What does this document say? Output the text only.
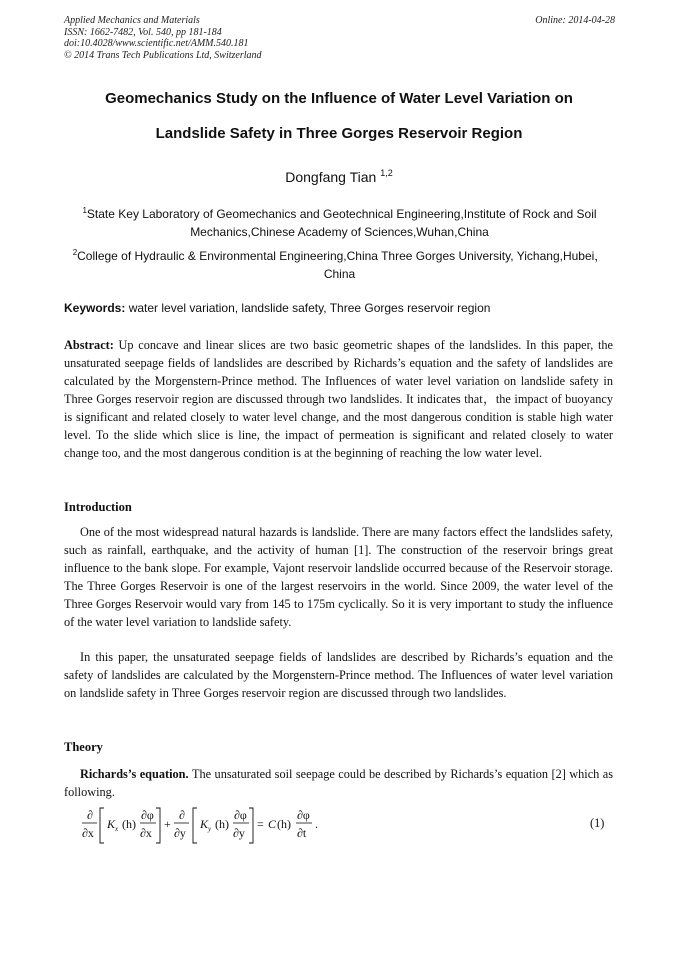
Applied Mechanics and Materials
ISSN: 1662-7482, Vol. 540, pp 181-184
doi:10.4028/www.scientific.net/AMM.540.181
© 2014 Trans Tech Publications Ltd, Switzerland
Online: 2014-04-28
Geomechanics Study on the Influence of Water Level Variation on
Landslide Safety in Three Gorges Reservoir Region
Dongfang Tian $^{1,2}$
$^1$State Key Laboratory of Geomechanics and Geotechnical Engineering,Institute of Rock and Soil Mechanics,Chinese Academy of Sciences,Wuhan,China
$^2$College of Hydraulic & Environmental Engineering,China Three Gorges University, Yichang,Hubei，China
Keywords: water level variation, landslide safety, Three Gorges reservoir region
Abstract: Up concave and linear slices are two basic geometric shapes of the landslides. In this paper, the unsaturated seepage fields of landslides are described by Richards’s equation and the safety of landslides are calculated by the Morgenstern-Prince method. The Influences of water level variation on landslide safety in Three Gorges reservoir region are discussed through two landslides. It indicates that，the impact of buoyancy is significant and related closely to water level change, and the most dangerous condition is stable high water level. To the slide which slice is line, the impact of permeation is significant and related closely to water change too, and the most dangerous condition is at the beginning of reaching the low water level.
Introduction
One of the most widespread natural hazards is landslide. There are many factors effect the landslides safety, such as rainfall, earthquake, and the activity of human [1]. The construction of the reservoir brings great influence to the bank slope. For example, Vajont reservoir landslide occurred because of the Reservoir storage. The Three Gorges Reservoir is one of the largest reservoirs in the world. Since 2009, the water level of the Three Gorges Reservoir would vary from 145 to 175m cyclically. So it is very important to study the influence of the water level variation to landslide safety.
In this paper, the unsaturated seepage fields of landslides are described by Richards’s equation and the safety of landslides are calculated by the Morgenstern-Prince method. The Influences of water level variation on landslide safety in Three Gorges reservoir region are discussed through two landslides.
Theory
Richards’s equation. The unsaturated soil seepage could be described by Richards’s equation [2] which as following.
∂
∂x
K x (h)
∂φ
∂x
+
∂
∂y
K y (h)
∂φ
∂y
= C (h)
∂φ
∂t
.	(1)
